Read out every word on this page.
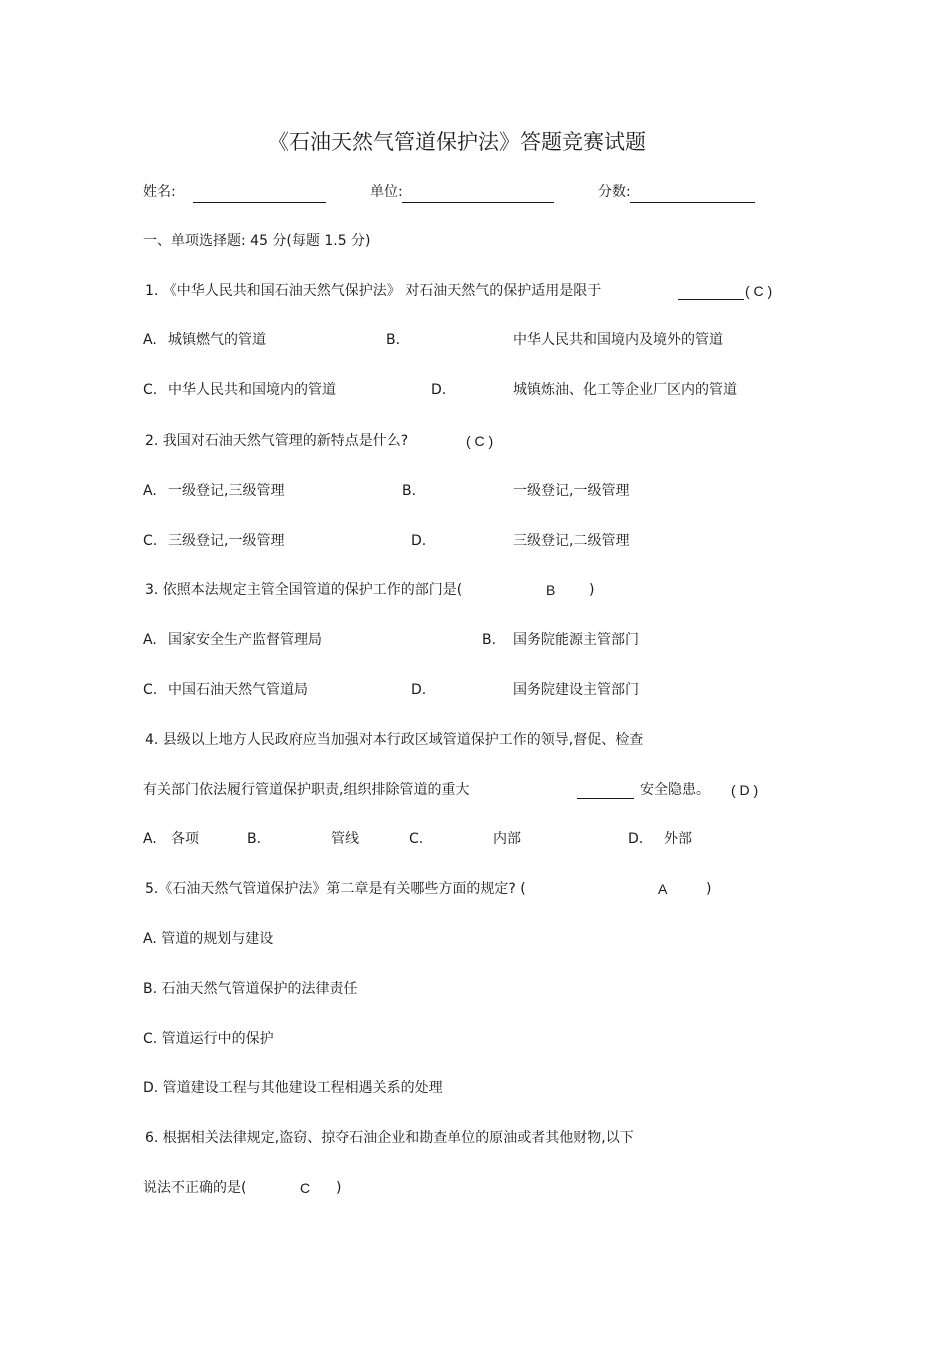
《石油天然气管道保护法》答题竞赛试题
姓名:	单位:	分数:
一、单项选择题: 45 分(每题 1.5 分)
1. 《中华人民共和国石油天然气保护法》 对石油天然气的保护适用是限于	( C )
A. 城镇燃气的管道	B.	中华人民共和国境内及境外的管道
C. 中华人民共和国境内的管道	D.	城镇炼油、化工等企业厂区内的管道
2. 我国对石油天然气管理的新特点是什么?	( C )
A. 一级登记,三级管理	B.	一级登记,一级管理
C. 三级登记,一级管理	D.	三级登记,二级管理
3. 依照本法规定主管全国管道的保护工作的部门是(	B )
A. 国家安全生产监督管理局	B. 国务院能源主管部门
C. 中国石油天然气管道局	D.	国务院建设主管部门
4. 县级以上地方人民政府应当加强对本行政区域管道保护工作的领导,督促、检查
有关部门依法履行管道保护职责,组织排除管道的重大	安全隐患。 ( D )
A. 各项	B.	管线	C.	内部	D. 外部
5.《石油天然气管道保护法》第二章是有关哪些方面的规定? (	A	)
A. 管道的规划与建设
B. 石油天然气管道保护的法律责任
C. 管道运行中的保护
D. 管道建设工程与其他建设工程相遇关系的处理
6. 根据相关法律规定,盗窃、掠夺石油企业和勘查单位的原油或者其他财物,以下
说法不正确的是(	C )
